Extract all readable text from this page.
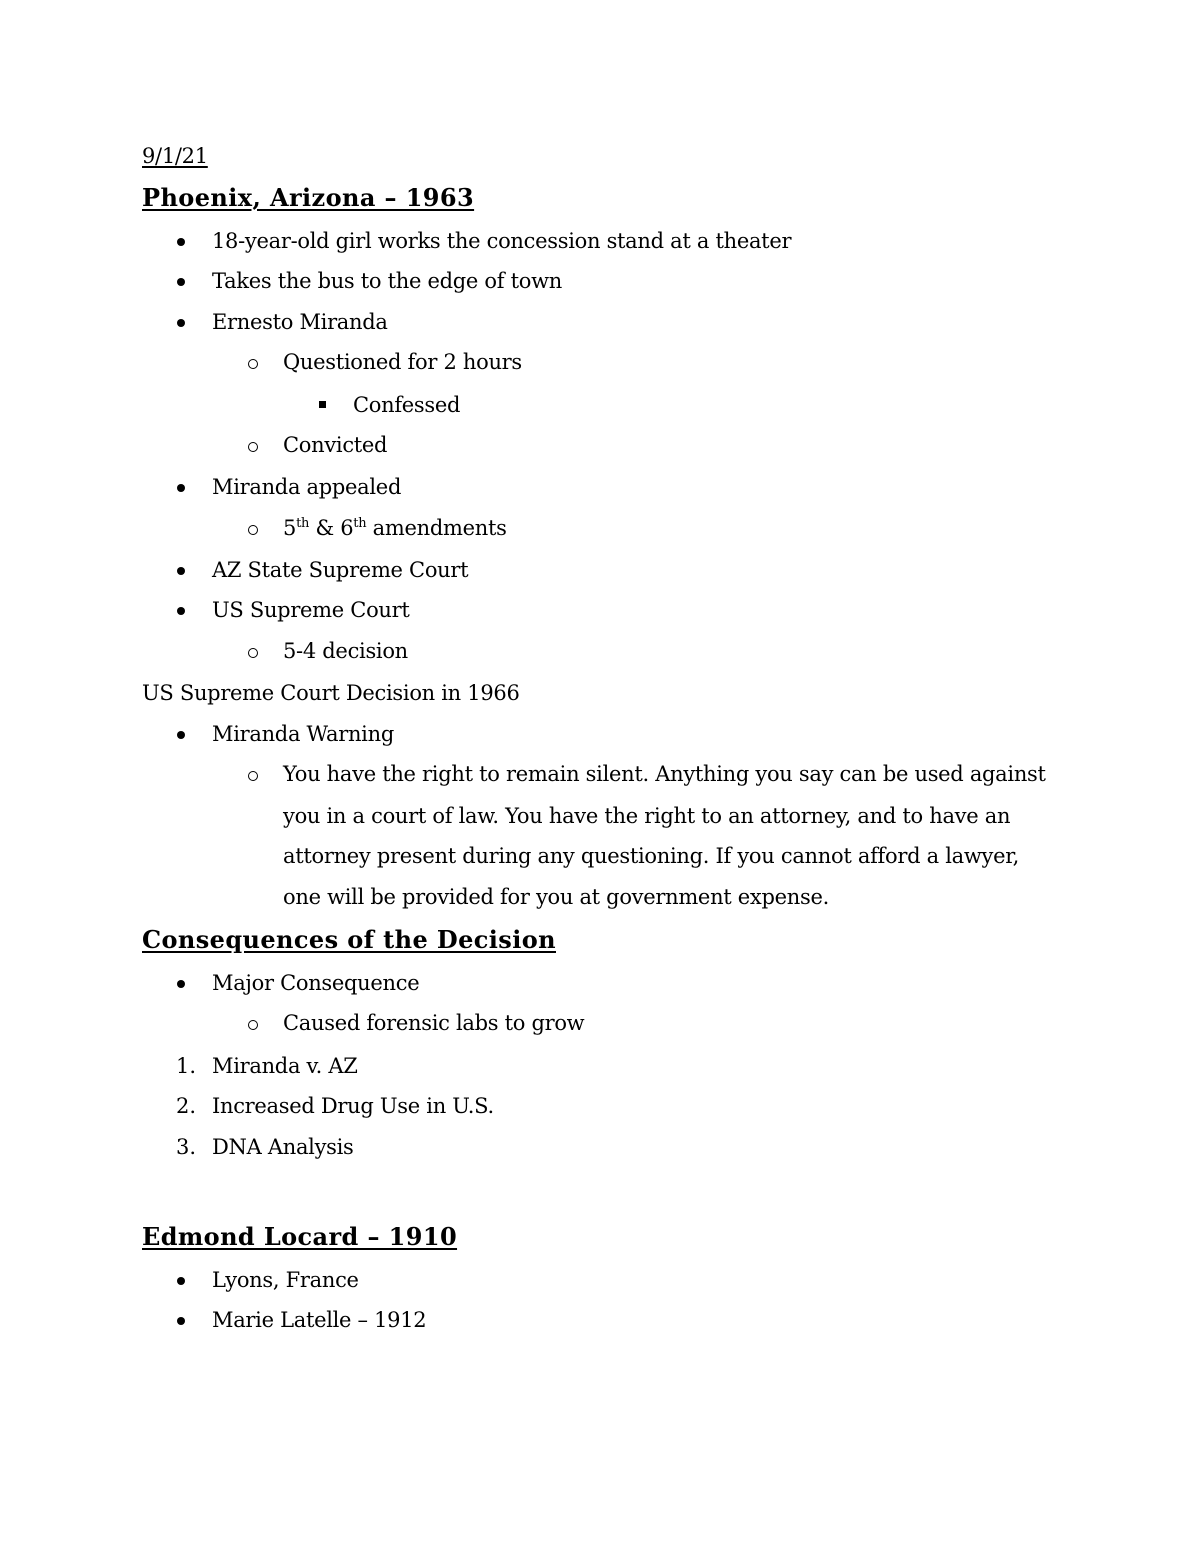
9/1/21
Phoenix, Arizona – 1963
18-year-old girl works the concession stand at a theater
Takes the bus to the edge of town
Ernesto Miranda
Questioned for 2 hours
Confessed
Convicted
Miranda appealed
5th & 6th amendments
AZ State Supreme Court
US Supreme Court
5-4 decision
US Supreme Court Decision in 1966
Miranda Warning
You have the right to remain silent. Anything you say can be used against
you in a court of law. You have the right to an attorney, and to have an
attorney present during any questioning. If you cannot afford a lawyer,
one will be provided for you at government expense.
Consequences of the Decision
Major Consequence
Caused forensic labs to grow
1. Miranda v. AZ
2. Increased Drug Use in U.S.
3. DNA Analysis
Edmond Locard – 1910
Lyons, France
Marie Latelle – 1912
